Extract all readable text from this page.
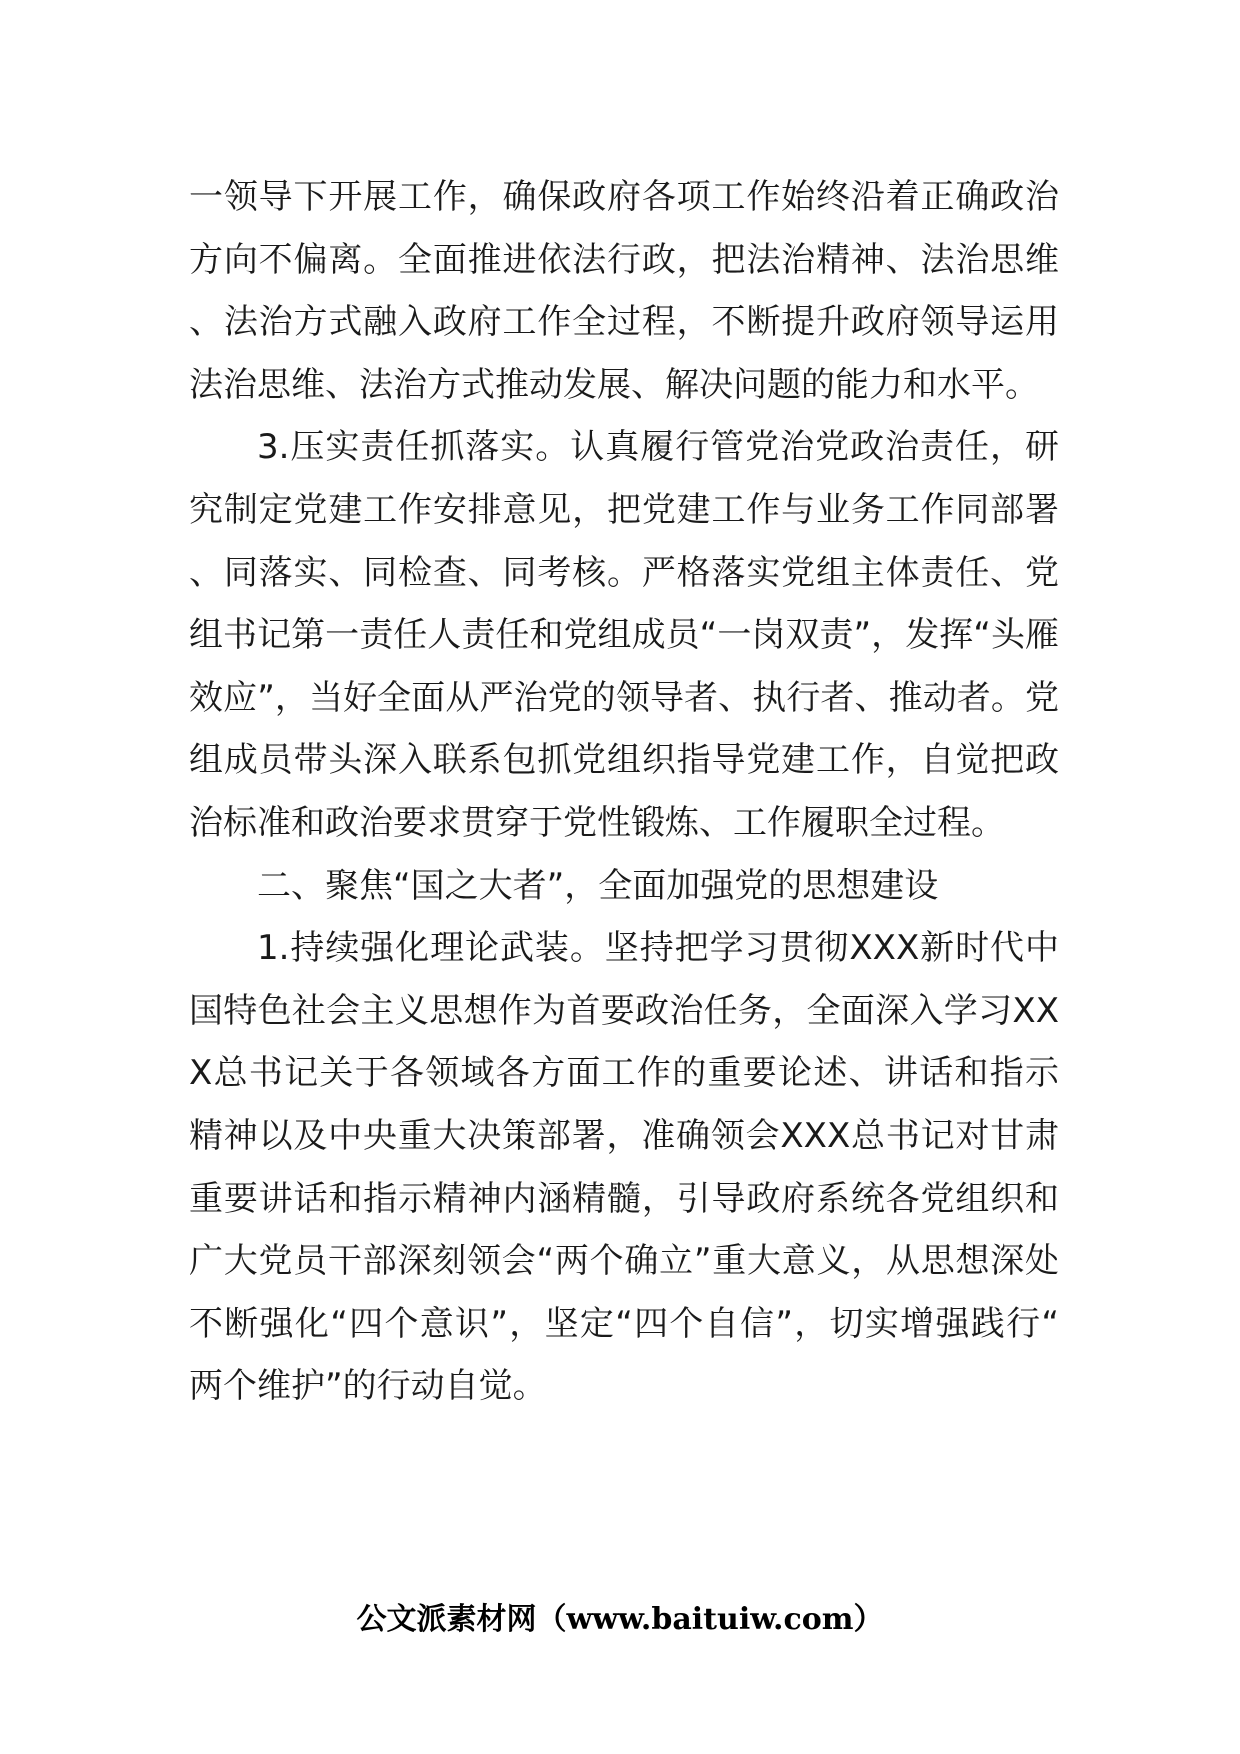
一领导下开展工作，确保政府各项工作始终沿着正确政治方向不偏离。全面推进依法行政，把法治精神、法治思维、法治方式融入政府工作全过程，不断提升政府领导运用法治思维、法治方式推动发展、解决问题的能力和水平。

3.压实责任抓落实。认真履行管党治党政治责任，研究制定党建工作安排意见，把党建工作与业务工作同部署、同落实、同检查、同考核。严格落实党组主体责任、党组书记第一责任人责任和党组成员“一岗双责”，发挥“头雁效应”，当好全面从严治党的领导者、执行者、推动者。党组成员带头深入联系包抓党组织指导党建工作，自觉把政治标准和政治要求贯穿于党性锻炼、工作履职全过程。

二、聚焦“国之大者”，全面加强党的思想建设

1.持续强化理论武装。坚持把学习贯彻XXX新时代中国特色社会主义思想作为首要政治任务，全面深入学习XXX总书记关于各领域各方面工作的重要论述、讲话和指示精神以及中央重大决策部署，准确领会XXX总书记对甘肃重要讲话和指示精神内涵精髓，引导政府系统各党组织和广大党员干部深刻领会“两个确立”重大意义，从思想深处不断强化“四个意识”，坚定“四个自信”，切实增强践行“两个维护”的行动自觉。

公文派素材网（www.baituiw.com）
